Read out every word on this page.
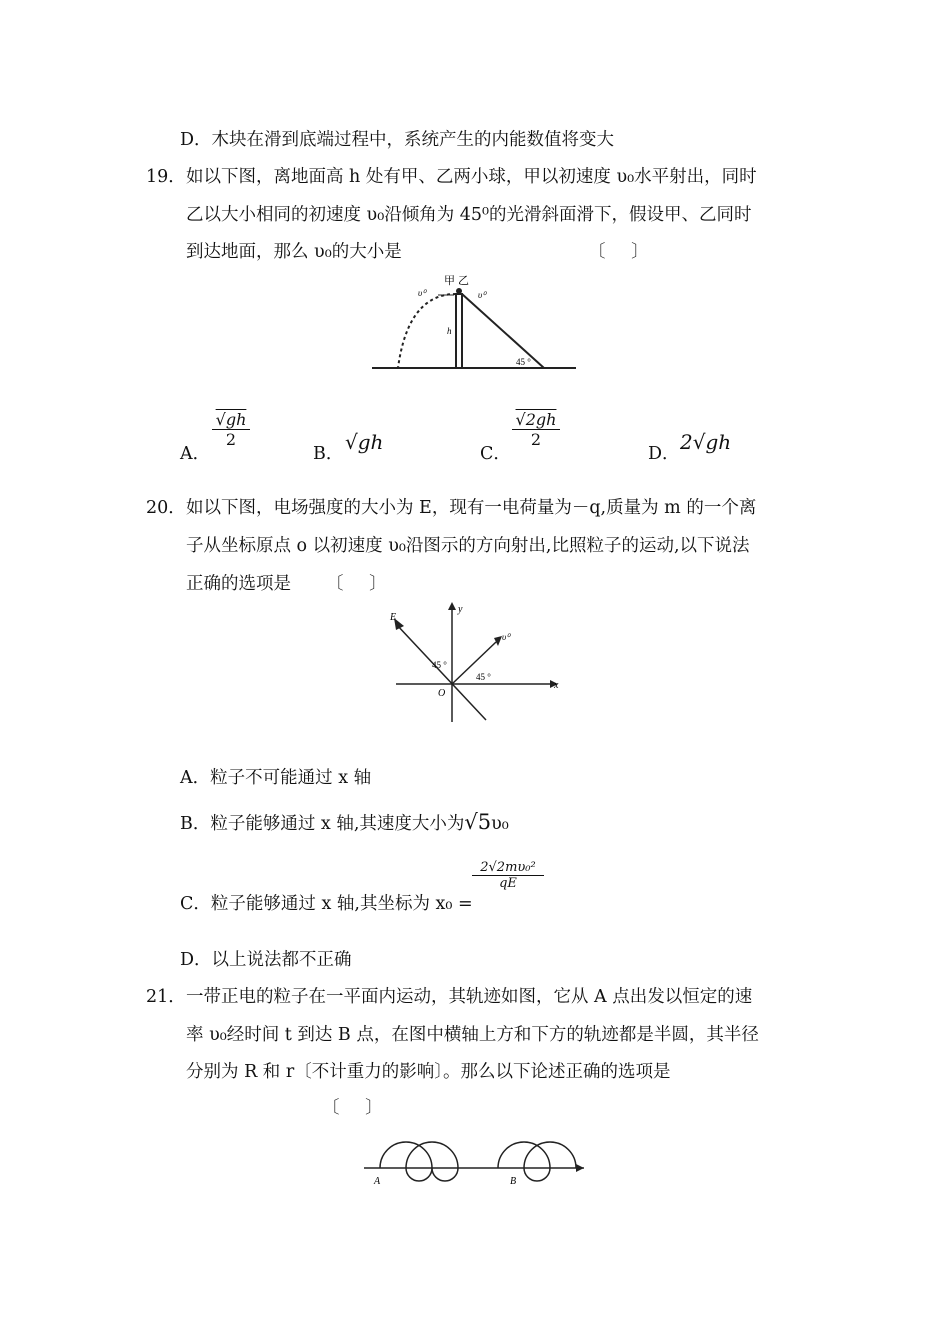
D．木块在滑到底端过程中，系统产生的内能数值将变大
19． 如以下图，离地面高 h 处有甲、乙两小球，甲以初速度 υ₀水平射出，同时
乙以大小相同的初速度 υ₀沿倾角为 45⁰的光滑斜面滑下，假设甲、乙同时
到达地面，那么 υ₀的大小是	〔 〕
甲 乙
υ⁰	υ⁰
h
45 °
A．
$\frac{√gh}{2}$
B． √gh	C．
$\frac{√2gh}{2}$
D． 2√gh
20． 如以下图，电场强度的大小为 E，现有一电荷量为－q,质量为 m 的一个离
子从坐标原点 o 以初速度 υ₀沿图示的方向射出,比照粒子的运动,以下说法
正确的选项是 〔 〕
E
y
υ⁰
45 °
45 °
O
x
A．粒子不可能通过 x 轴
B．粒子能够通过 x 轴,其速度大小为√5υ₀
C．粒子能够通过 x 轴,其坐标为 x₀ =
$\frac{\text{2√2mυ₀²}}{qE}$
D．以上说法都不正确
21． 一带正电的粒子在一平面内运动，其轨迹如图，它从 A 点出发以恒定的速
率 υ₀经时间 t 到达 B 点，在图中横轴上方和下方的轨迹都是半圆，其半径
分别为 R 和 r〔不计重力的影响〕。那么以下论述正确的选项是
〔 〕
A	B
